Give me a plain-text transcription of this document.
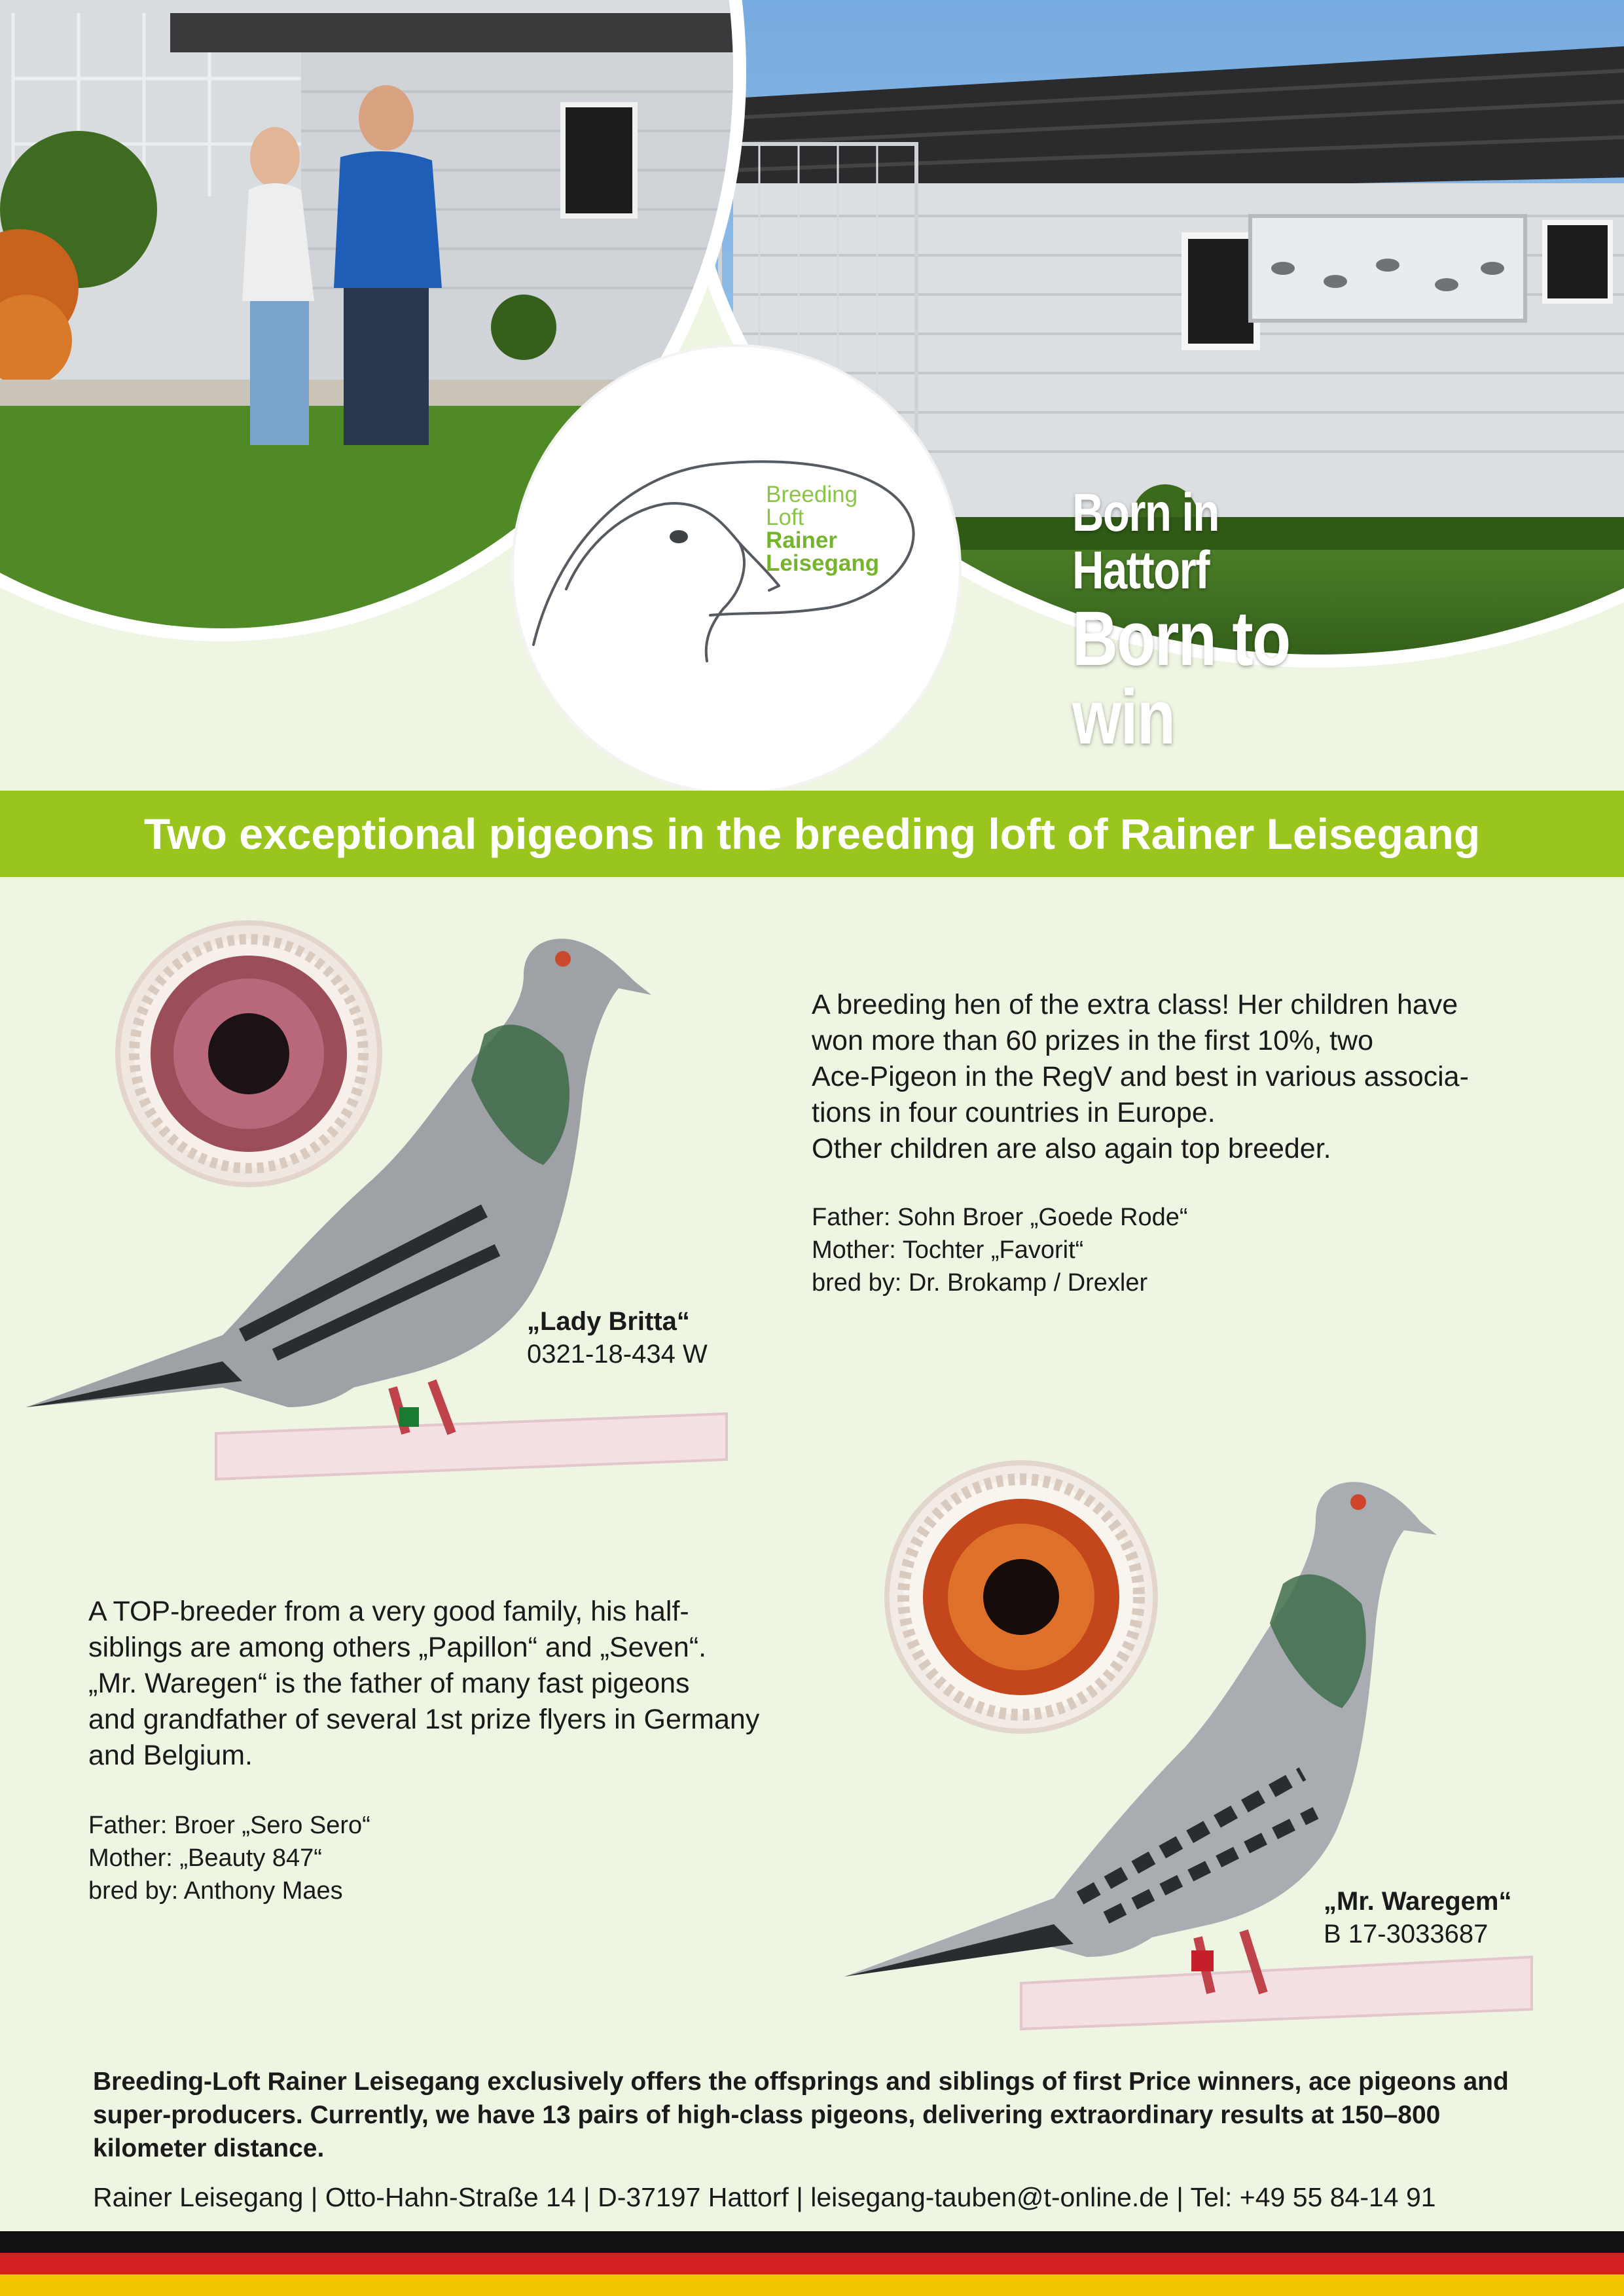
Breeding
Loft
Rainer
Leisegang
Born in Hattorf
Born to win
Two exceptional pigeons in the breeding loft of Rainer Leisegang
„Lady Britta“
0321-18-434 W
A breeding hen of the extra class! Her children have
won more than 60 prizes in the first 10%, two
Ace-Pigeon in the RegV and best in various associa-
tions in four countries in Europe.
Other children are also again top breeder.
Father: Sohn Broer „Goede Rode“
Mother: Tochter „Favorit“
bred by: Dr. Brokamp / Drexler
A TOP-breeder from a very good family, his half-
siblings are among others „Papillon“ and „Seven“.
„Mr. Waregen“ is the father of many fast pigeons
and grandfather of several 1st prize flyers in Germany
and Belgium.
Father: Broer „Sero Sero“
Mother: „Beauty 847“
bred by: Anthony Maes	„Mr. Waregem“
B 17-3033687
Breeding-Loft Rainer Leisegang exclusively offers the offsprings and siblings of first Price winners, ace pigeons and super-producers. Currently, we have 13 pairs of high-class pigeons, delivering extraordinary results at 150–800 kilometer distance.
Rainer Leisegang | Otto-Hahn-Straße 14 | D-37197 Hattorf | leisegang-tauben@t-online.de | Tel: +49 55 84-14 91
